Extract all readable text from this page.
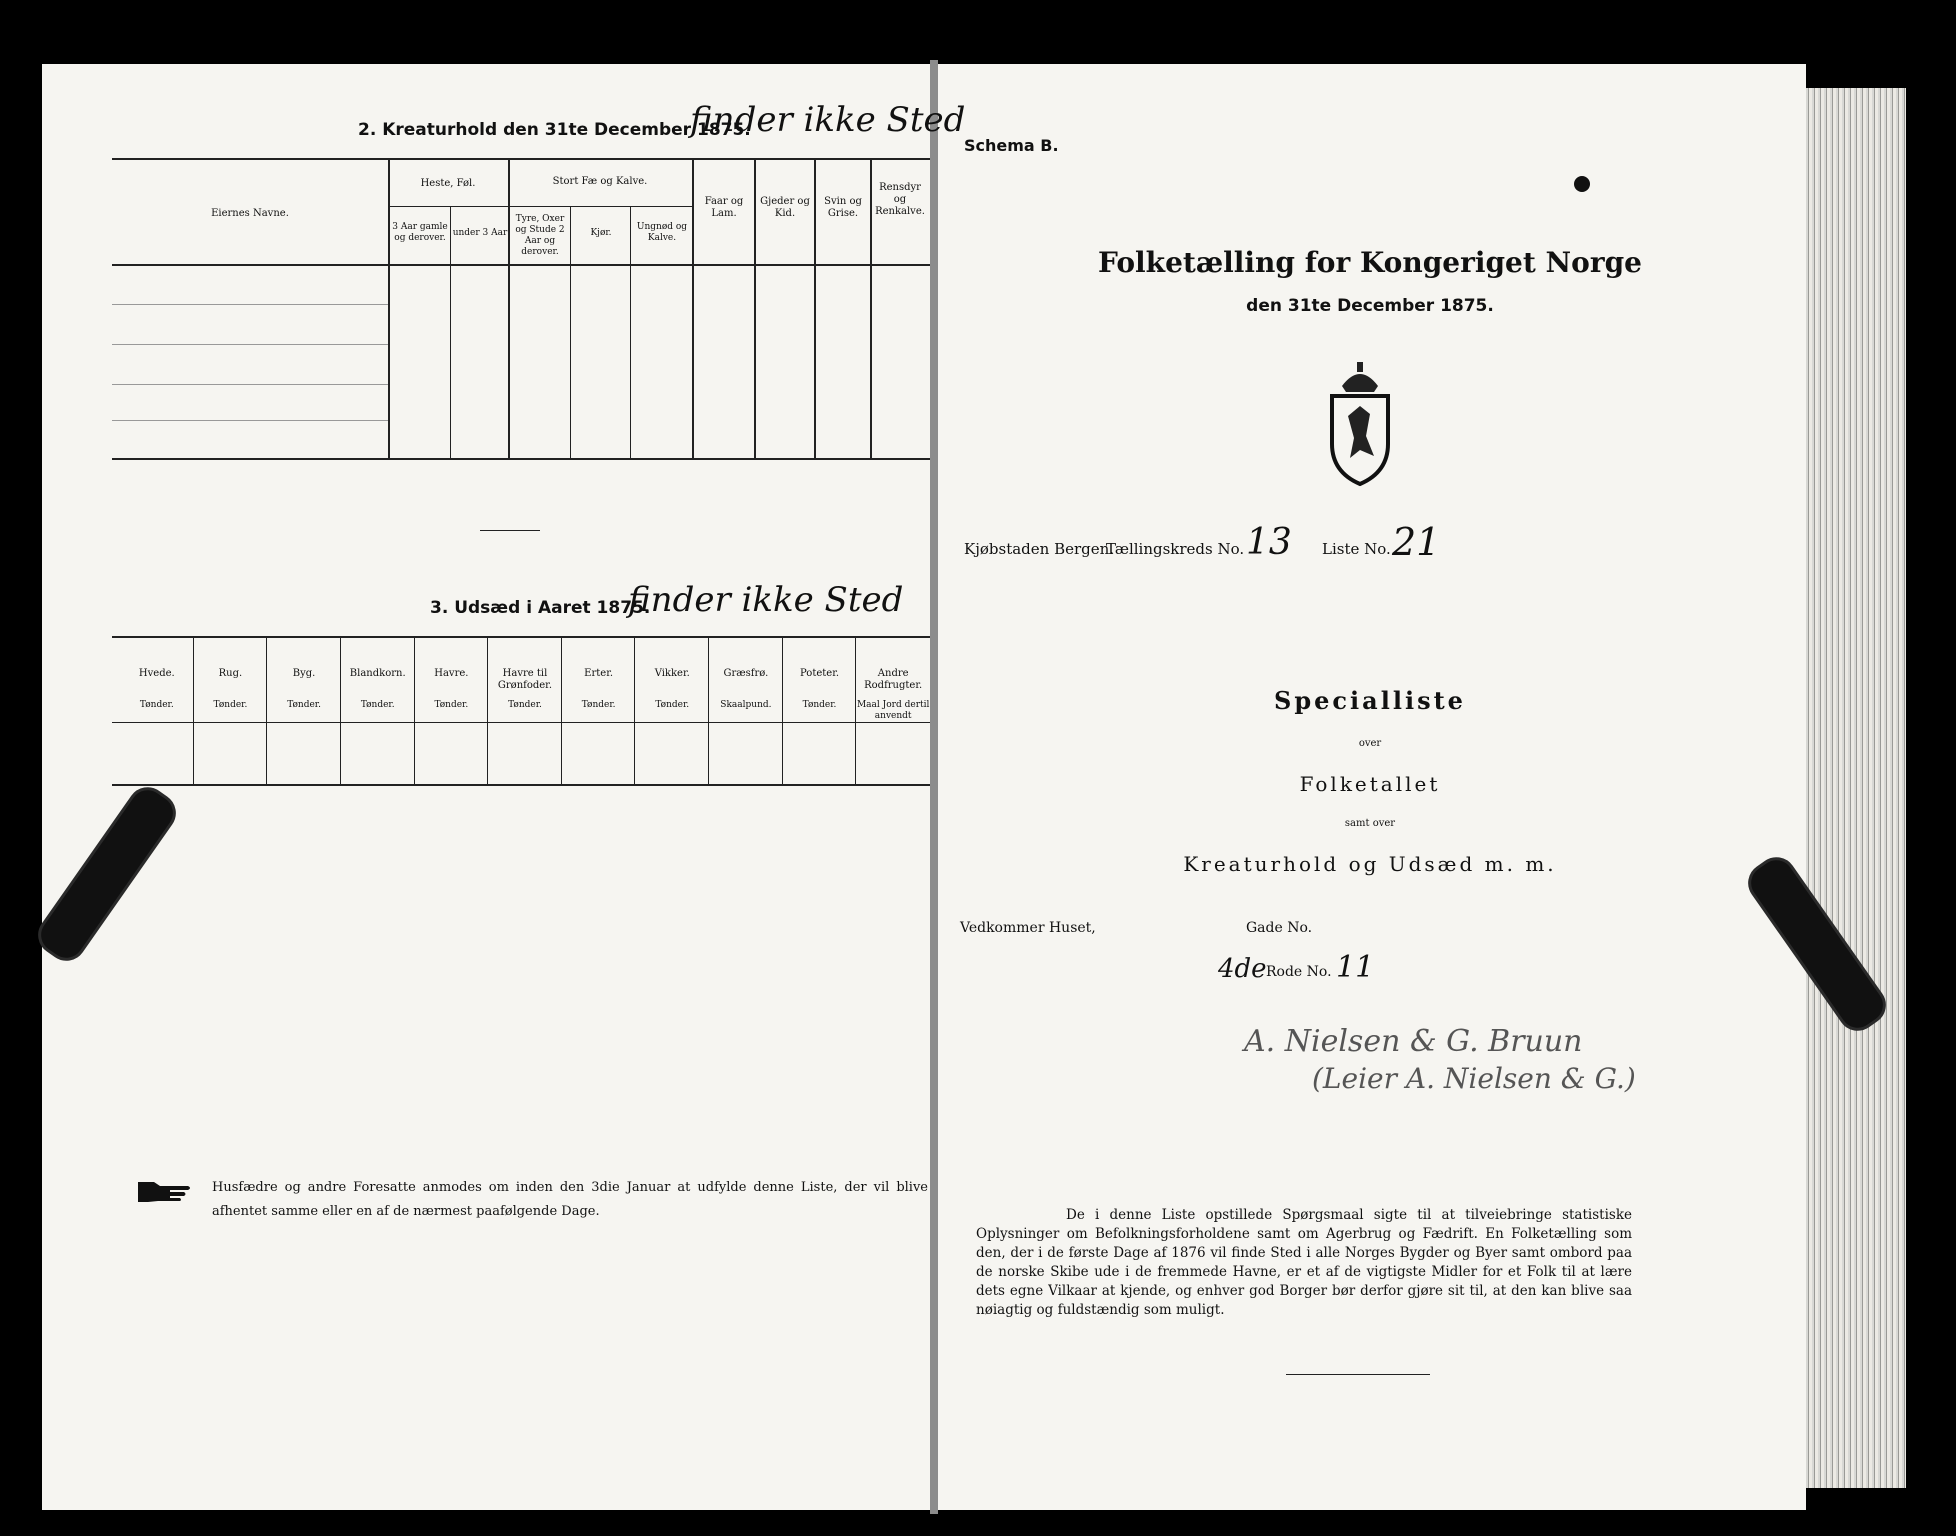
2. Kreaturhold den 31te December 1875.
finder ikke Sted
Eiernes Navne.
Heste, Føl.
3 Aar gamle og derover. under 3 Aar
Stort Fæ og Kalve.
Tyre, Oxer og Stude 2 Aar og derover.
Kjør.
Ungnød og Kalve.
Faar og Lam.
Gjeder og Kid.
Svin og Grise.
Rensdyr og Renkalve.
3. Udsæd i Aaret 1875.
finder ikke Sted
Hvede.
Tønder.
Rug.
Tønder.
Byg.
Tønder.
Blandkorn.
Tønder.
Havre.
Tønder.
Havre til Grønfoder.
Tønder.
Erter.
Tønder.
Vikker.
Tønder.
Græsfrø.
Skaalpund.
Poteter.
Tønder.
Andre Rodfrugter.
Maal Jord dertil anvendt
Husfædre og andre Foresatte anmodes om inden den 3die Januar at udfylde denne Liste, der vil blive afhentet samme eller en af de nærmest paafølgende Dage.
Schema B.
Folketælling for Kongeriget Norge
den 31te December 1875.
Kjøbstaden Bergen.
Tællingskreds No. 13 Liste No. 21
Specialliste
over
Folketallet
samt over
Kreaturhold og Udsæd m. m.
Vedkommer Huset,	Gade No.
4de Rode No. 11
A. Nielsen & G. Bruun
(Leier A. Nielsen & G.)
De i denne Liste opstillede Spørgsmaal sigte til at tilveiebringe statistiske Oplysninger om Befolkningsforholdene samt om Agerbrug og Fædrift. En Folketælling som den, der i de første Dage af 1876 vil finde Sted i alle Norges Bygder og Byer samt ombord paa de norske Skibe ude i de fremmede Havne, er et af de vigtigste Midler for et Folk til at lære dets egne Vilkaar at kjende, og enhver god Borger bør derfor gjøre sit til, at den kan blive saa nøiagtig og fuldstændig som muligt.
